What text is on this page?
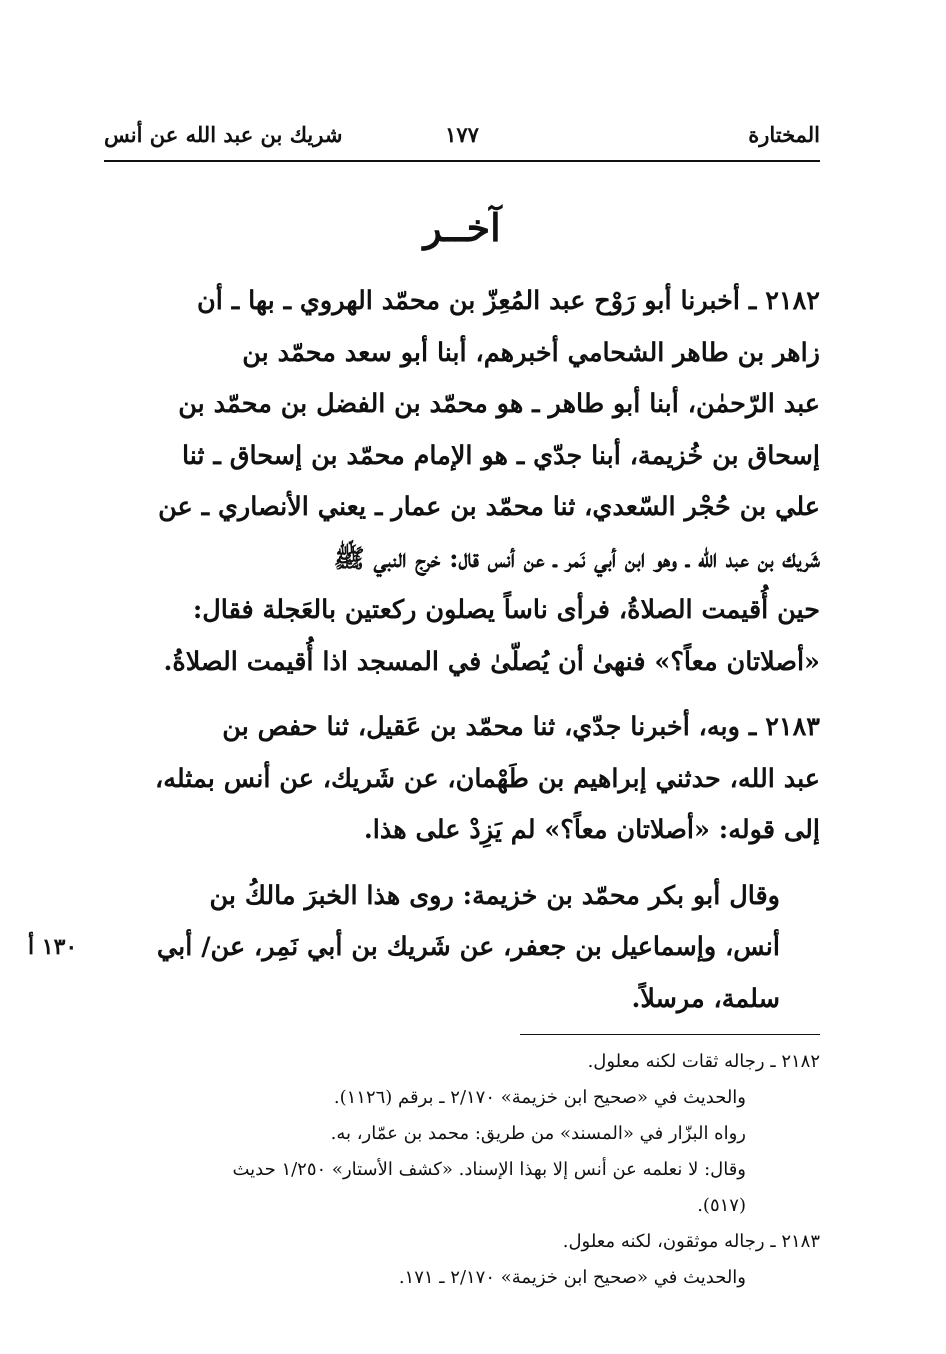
المختارة
١٧٧
شريك بن عبد الله عن أنس
آخــر

٢١٨٢ ـ أخبرنا أبو رَوْح عبد المُعِزّ بن محمّد الهروي ـ بها ـ أن
زاهر بن طاهر الشحامي أخبرهم، أبنا أبو سعد محمّد بن
عبد الرّحمٰن، أبنا أبو طاهر ـ هو محمّد بن الفضل بن محمّد بن
إسحاق بن خُزيمة، أبنا جدّي ـ هو الإمام محمّد بن إسحاق ـ ثنا
علي بن حُجْر السّعدي، ثنا محمّد بن عمار ـ يعني الأنصاري ـ عن
شَريك بن عبد الله ـ وهو ابن أبي نَمر ـ عن أنس قال: خرج النبي ﷺ
حين أُقيمت الصلاةُ، فرأى ناساً يصلون ركعتين بالعَجلة فقال:
«أصلاتان معاً؟» فنهىٰ أن يُصلّىٰ في المسجد اذا أُقيمت الصلاةُ.

٢١٨٣ ـ وبه، أخبرنا جدّي، ثنا محمّد بن عَقيل، ثنا حفص بن
عبد الله، حدثني إبراهيم بن طَهْمان، عن شَريك، عن أنس بمثله،
إلى قوله: «أصلاتان معاً؟» لم يَزِدْ على هذا.

وقال أبو بكر محمّد بن خزيمة: روى هذا الخبرَ مالكُ بن
أنس، وإسماعيل بن جعفر، عن شَريك بن أبي نَمِر، عن/ أبي
سلمة، مرسلاً.

١٣٠ أ
٢١٨٢ ـ رجاله ثقات لكنه معلول.
والحديث في «صحيح ابن خزيمة» ٢/١٧٠ ـ برقم (١١٢٦).
رواه البزّار في «المسند» من طريق: محمد بن عمّار، به.
وقال: لا نعلمه عن أنس إلا بهذا الإسناد. «كشف الأستار» ١/٢٥٠ حديث
(٥١٧).
٢١٨٣ ـ رجاله موثقون، لكنه معلول.
والحديث في «صحيح ابن خزيمة» ٢/١٧٠ ـ ١٧١.
